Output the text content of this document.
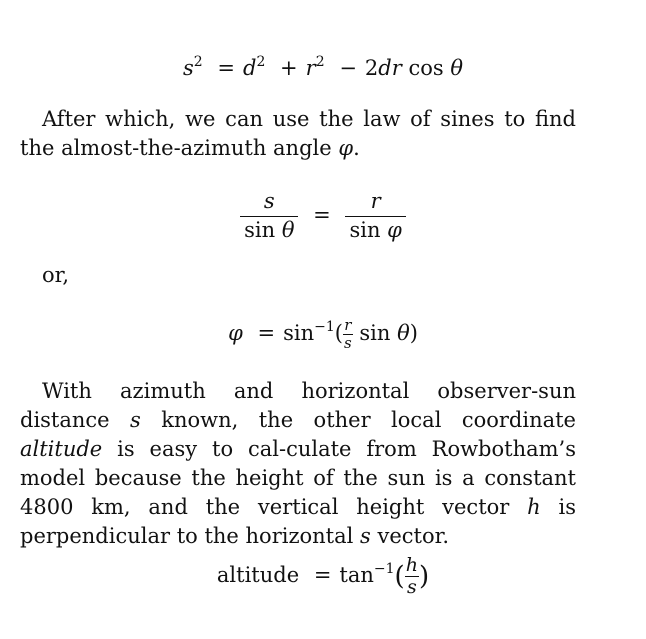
$s^2 = d^2 + r^2 - 2dr$ cos θ
After which, we can use the law of sines to find the almost-the-azimuth angle φ.
$\frac{s}{\text{sin θ}} = \frac{r}{\text{sin φ}}$
or,
$\varphi = \sin^{-1}( \frac{r}{s}$ sin θ)
With azimuth and horizontal observer-sun distance s known, the other local coordinate altitude is easy to cal-culate from Rowbotham’s model because the height of the sun is a constant 4800 km, and the vertical height vector h is perpendicular to the horizontal s vector.
altitude = $\tan^{-1}( \frac{h}{s}$ )
